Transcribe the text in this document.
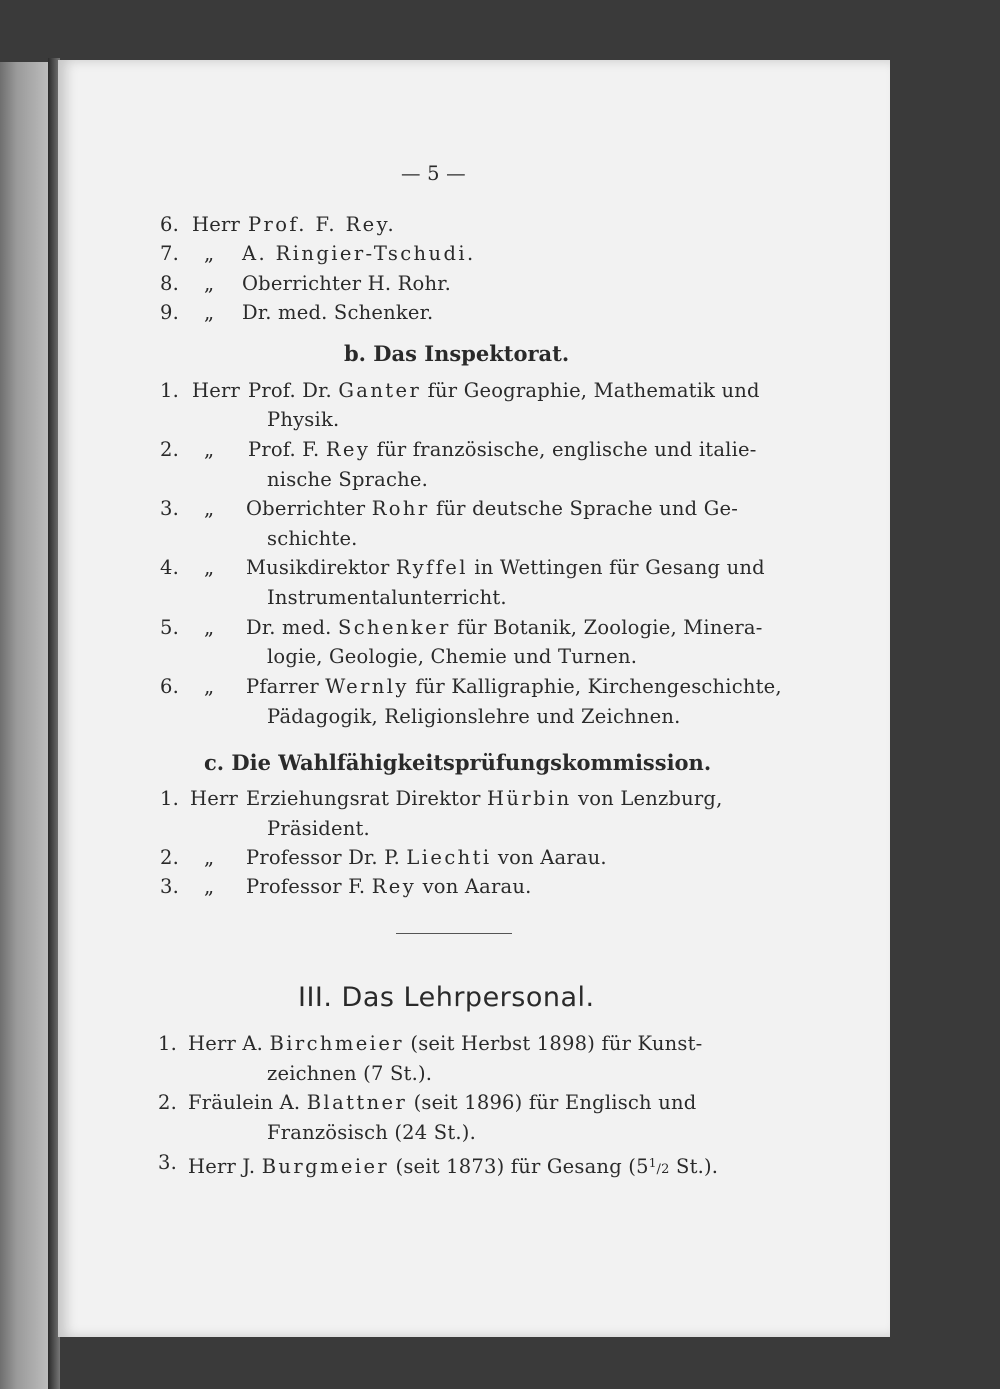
— 5 —
6. Herr Prof. F. Rey.
7. „ A. Ringier-Tschudi.
8. „ Oberrichter H. Rohr.
9. „ Dr. med. Schenker.
b. Das Inspektorat.
1. Herr Prof. Dr. Ganter für Geographie, Mathematik und
Physik.
2. „ Prof. F. Rey für französische, englische und italie-
nische Sprache.
3. „ Oberrichter Rohr für deutsche Sprache und Ge-
schichte.
4. „ Musikdirektor Ryffel in Wettingen für Gesang und
Instrumentalunterricht.
5. „ Dr. med. Schenker für Botanik, Zoologie, Minera-
logie, Geologie, Chemie und Turnen.
6. „ Pfarrer Wernly für Kalligraphie, Kirchengeschichte,
Pädagogik, Religionslehre und Zeichnen.
c. Die Wahlfähigkeitsprüfungskommission.
1. Herr Erziehungsrat Direktor Hürbin von Lenzburg,
Präsident.
2. „ Professor Dr. P. Liechti von Aarau.
3. „ Professor F. Rey von Aarau.
III. Das Lehrpersonal.
1. Herr A. Birchmeier (seit Herbst 1898) für Kunst-
zeichnen (7 St.).
2. Fräulein A. Blattner (seit 1896) für Englisch und
Französisch (24 St.).
3. Herr J. Burgmeier (seit 1873) für Gesang ($5^1/2$ St.).
